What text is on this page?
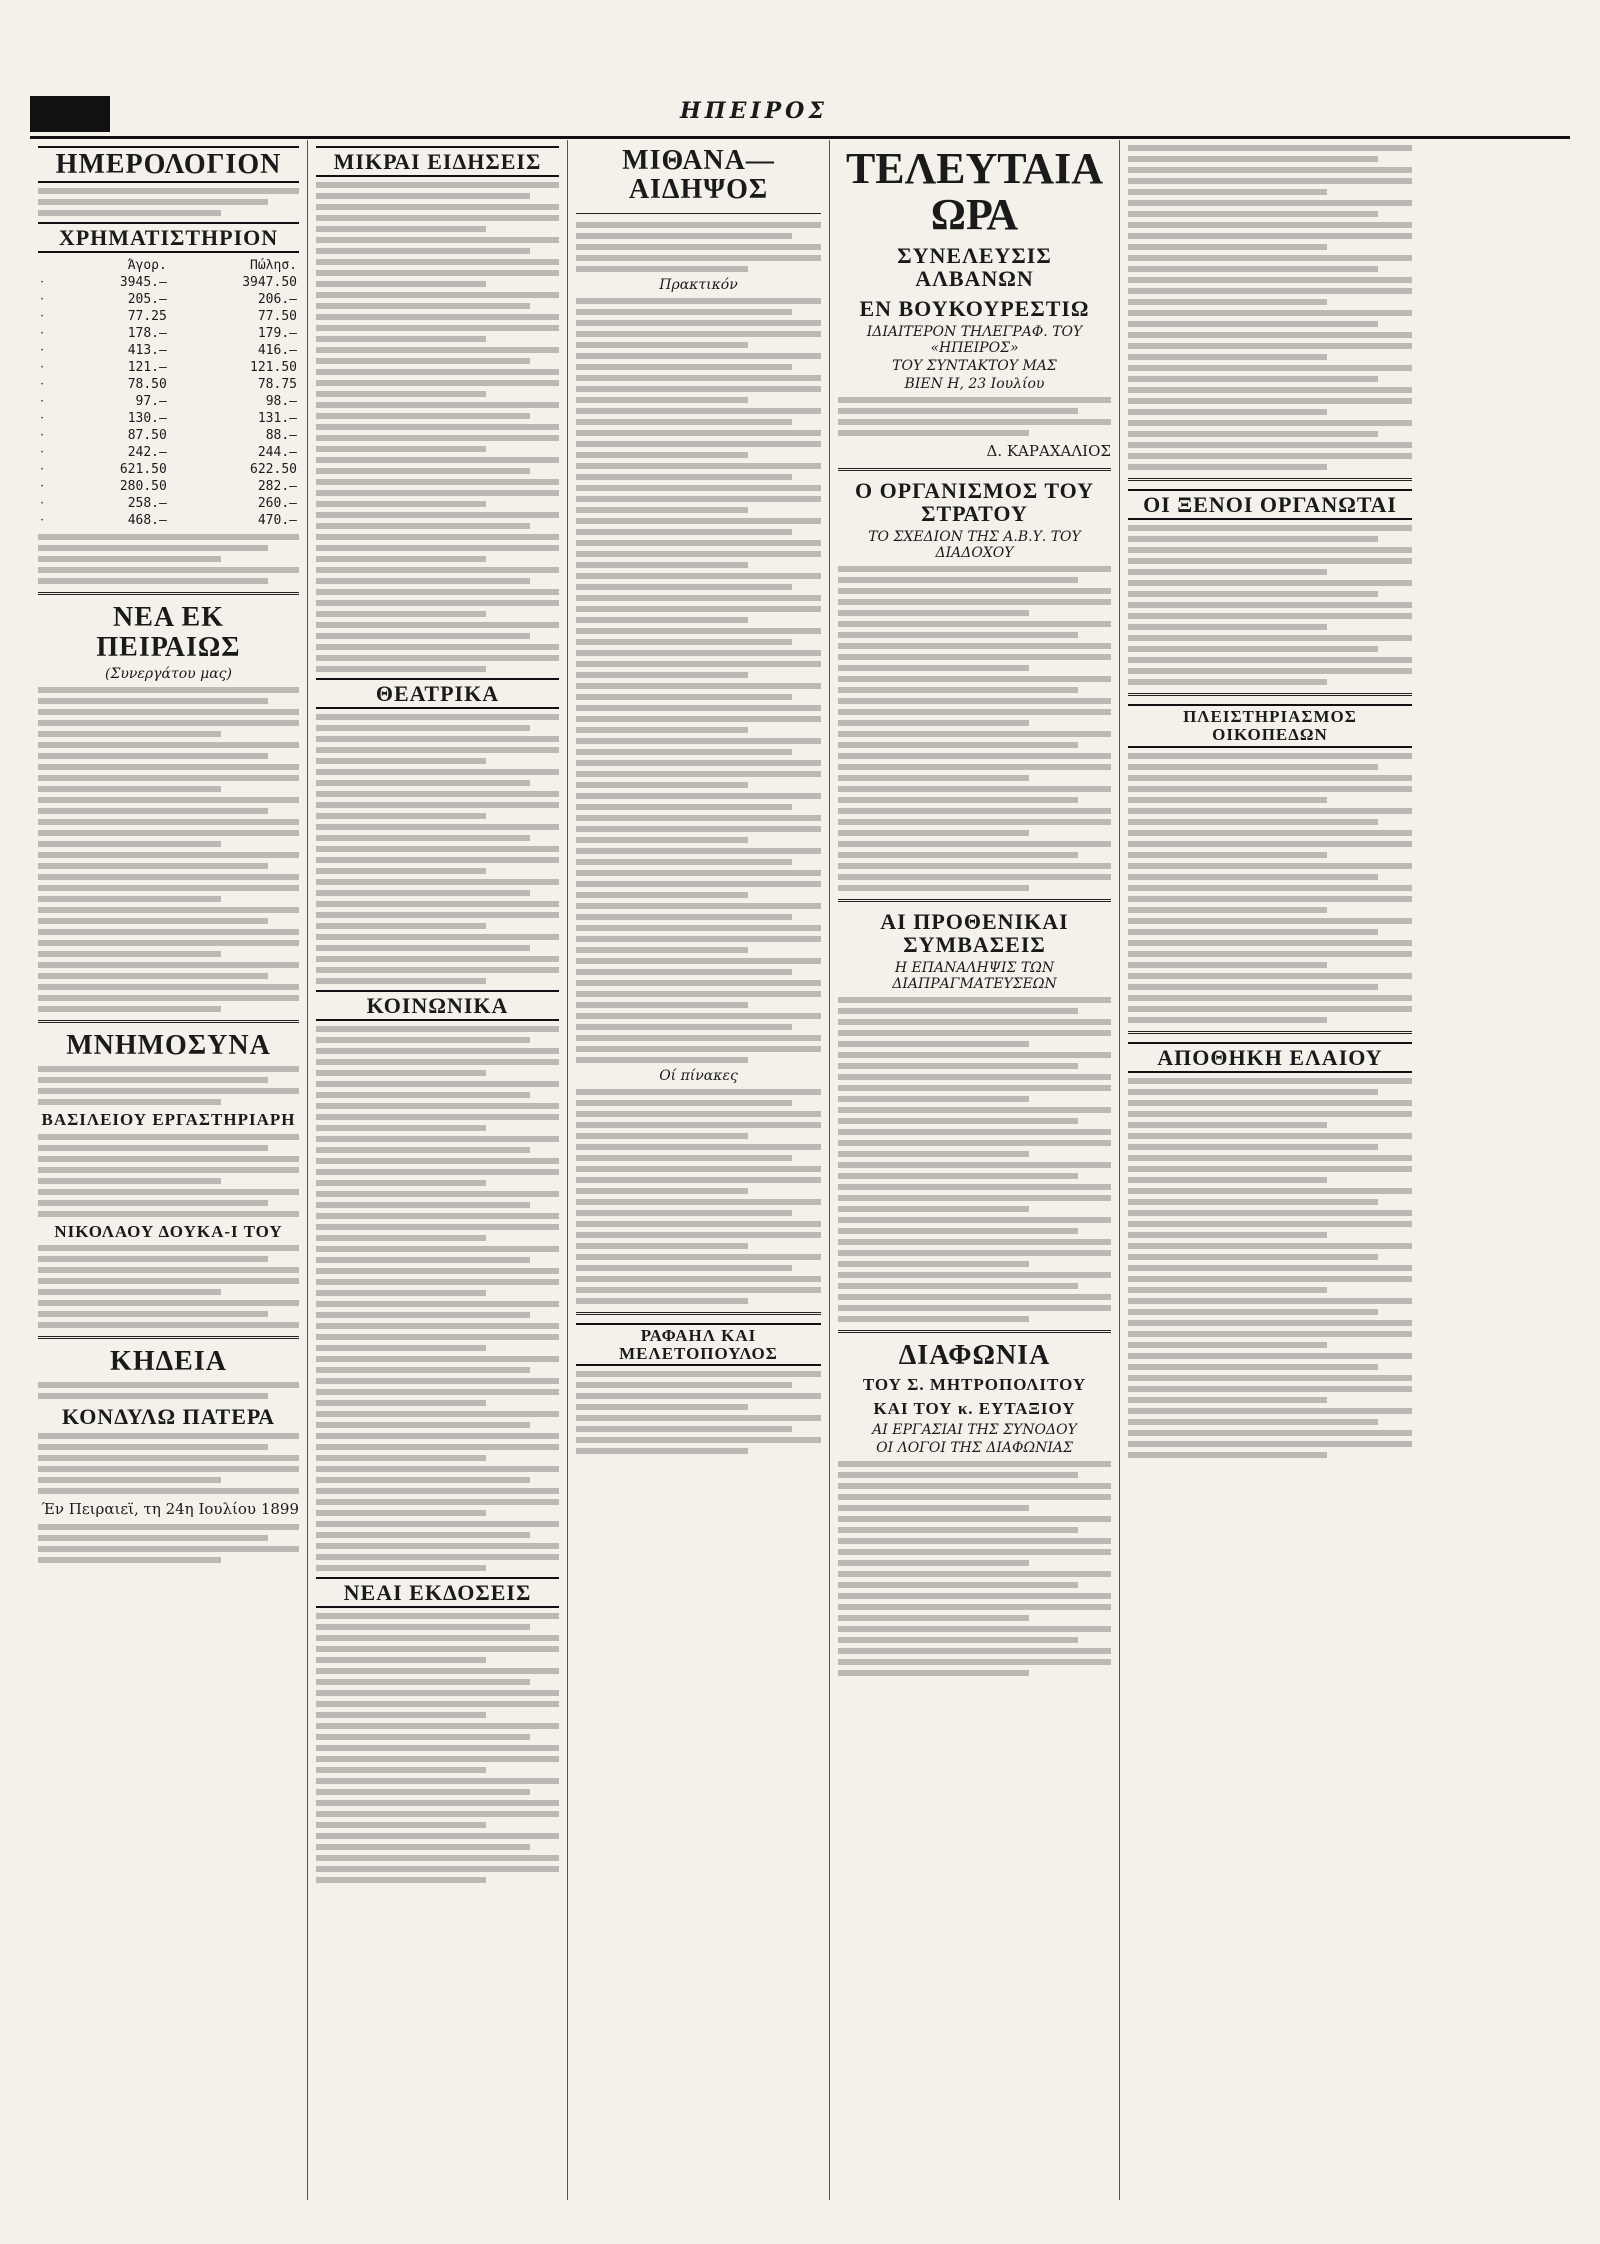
ΗΠΕΙΡΟΣ
ΗΜΕΡΟΛΟΓΙΟΝ
ΧΡΗΜΑΤΙΣΤΗΡΙΟΝ
	Άγορ.	Πώλησ.
·	3945.—	3947.50
·	205.—	206.—
·	77.25	77.50
·	178.—	179.—
·	413.—	416.—
·	121.—	121.50
·	78.50	78.75
·	97.—	98.—
·	130.—	131.—
·	87.50	88.—
·	242.—	244.—
·	621.50	622.50
·	280.50	282.—
·	258.—	260.—
·	468.—	470.—
ΝΕΑ ΕΚ ΠΕΙΡΑΙΩΣ
(Συνεργάτου μας)
ΜΝΗΜΟΣΥΝΑ
ΒΑΣΙΛΕΙΟΥ ΕΡΓΑΣΤΗΡΙΑΡΗ
ΝΙΚΟΛΑΟΥ ΔΟΥΚΑ-Ι ΤΟΥ
ΚΗΔΕΙΑ
ΚΟΝΔΥΛΩ ΠΑΤΕΡΑ
Έν Πειραιεϊ, τη 24η Ιουλίου 1899
ΜΙΚΡΑΙ ΕΙΔΗΣΕΙΣ
ΘΕΑΤΡΙΚΑ
ΚΟΙΝΩΝΙΚΑ
ΝΕΑΙ ΕΚΔΟΣΕΙΣ
ΜΙΘΑΝΑ—ΑΙΔΗΨΟΣ
Πρακτικόν
Οί πίνακες
ΡΑΦΑΗΛ ΚΑΙ ΜΕΛΕΤΟΠΟΥΛΟΣ
ΤΕΛΕΥΤΑΙΑ ΩΡΑ
ΣΥΝΕΛΕΥΣΙΣ ΑΛΒΑΝΩΝ
ΕΝ ΒΟΥΚΟΥΡΕΣΤΙΩ
ΙΔΙΑΙΤΕΡΟΝ ΤΗΛΕΓΡΑΦ. ΤΟΥ «ΗΠΕΙΡΟΣ»
ΤΟΥ ΣΥΝΤΑΚΤΟΥ ΜΑΣ
ΒΙΕΝ Η, 23 Ιουλίου
Δ. ΚΑΡΑΧΑΛΙΟΣ
Ο ΟΡΓΑΝΙΣΜΟΣ ΤΟΥ ΣΤΡΑΤΟΥ
ΤΟ ΣΧΕΔΙΟΝ ΤΗΣ Α.Β.Υ. ΤΟΥ ΔΙΑΔΟΧΟΥ
ΑΙ ΠΡΟΘΕΝΙΚΑΙ ΣΥΜΒΑΣΕΙΣ
Η ΕΠΑΝΑΛΗΨΙΣ ΤΩΝ ΔΙΑΠΡΑΓΜΑΤΕΥΣΕΩΝ
ΔΙΑΦΩΝΙΑ
ΤΟΥ Σ. ΜΗΤΡΟΠΟΛΙΤΟΥ
ΚΑΙ ΤΟΥ κ. ΕΥΤΑΞΙΟΥ
ΑΙ ΕΡΓΑΣΙΑΙ ΤΗΣ ΣΥΝΟΔΟΥ
ΟΙ ΛΟΓΟΙ ΤΗΣ ΔΙΑΦΩΝΙΑΣ
ΟΙ ΞΕΝΟΙ ΟΡΓΑΝΩΤΑΙ
ΠΛΕΙΣΤΗΡΙΑΣΜΟΣ ΟΙΚΟΠΕΔΩΝ
ΑΠΟΘΗΚΗ ΕΛΑΙΟΥ
